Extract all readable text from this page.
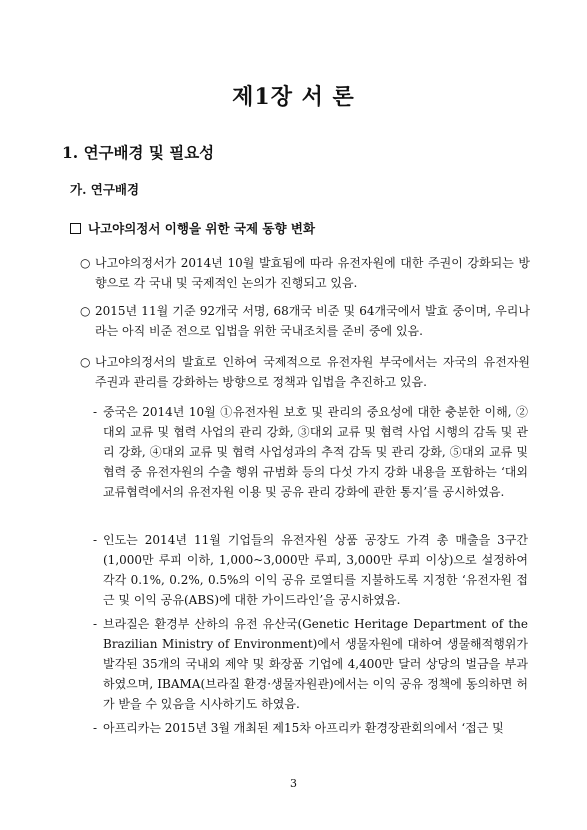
제1장 서 론
1. 연구배경 및 필요성
가. 연구배경
나고야의정서 이행을 위한 국제 동향 변화
○ 나고야의정서가 2014년 10월 발효됨에 따라 유전자원에 대한 주권이 강화되는 방향으로 각 국내 및 국제적인 논의가 진행되고 있음.
○ 2015년 11월 기준 92개국 서명, 68개국 비준 및 64개국에서 발효 중이며, 우리나라는 아직 비준 전으로 입법을 위한 국내조치를 준비 중에 있음.
○ 나고야의정서의 발효로 인하여 국제적으로 유전자원 부국에서는 자국의 유전자원 주권과 관리를 강화하는 방향으로 정책과 입법을 추진하고 있음.
- 중국은 2014년 10월 ①유전자원 보호 및 관리의 중요성에 대한 충분한 이해, ②대외 교류 및 협력 사업의 관리 강화, ③대외 교류 및 협력 사업 시행의 감독 및 관리 강화, ④대외 교류 및 협력 사업성과의 추적 감독 및 관리 강화, ⑤대외 교류 및 협력 중 유전자원의 수출 행위 규범화 등의 다섯 가지 강화 내용을 포함하는 ‘대외교류협력에서의 유전자원 이용 및 공유 관리 강화에 관한 통지’를 공시하였음.
- 인도는 2014년 11월 기업들의 유전자원 상품 공장도 가격 총 매출을 3구간(1,000만 루피 이하, 1,000~3,000만 루피, 3,000만 루피 이상)으로 설정하여 각각 0.1%, 0.2%, 0.5%의 이익 공유 로열티를 지불하도록 지정한 ‘유전자원 접근 및 이익 공유(ABS)에 대한 가이드라인’을 공시하였음.
- 브라질은 환경부 산하의 유전 유산국(Genetic Heritage Department of the Brazilian Ministry of Environment)에서 생물자원에 대하여 생물해적행위가 발각된 35개의 국내외 제약 및 화장품 기업에 4,400만 달러 상당의 벌금을 부과하였으며, IBAMA(브라질 환경·생물자원관)에서는 이익 공유 정책에 동의하면 허가 받을 수 있음을 시사하기도 하였음.
- 아프리카는 2015년 3월 개최된 제15차 아프리카 환경장관회의에서 ‘접근 및
3
